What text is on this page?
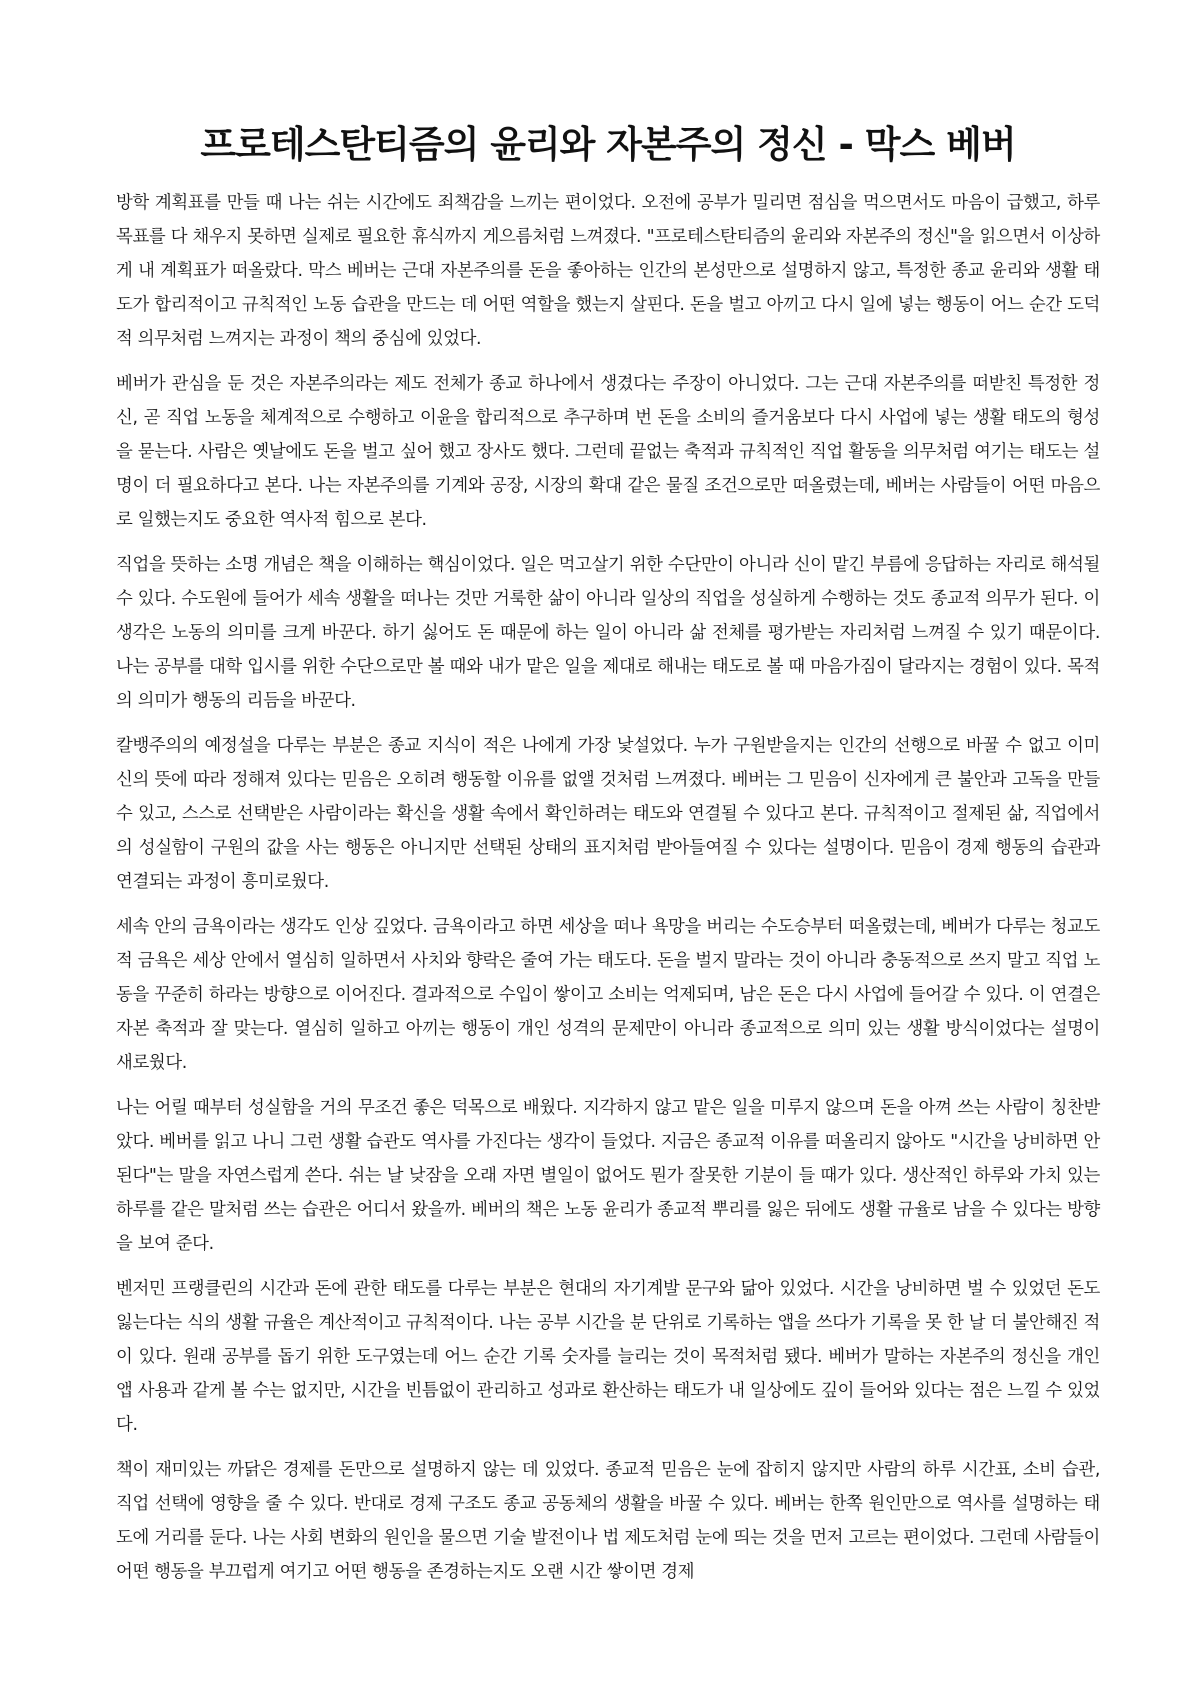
프로테스탄티즘의 윤리와 자본주의 정신 - 막스 베버

방학 계획표를 만들 때 나는 쉬는 시간에도 죄책감을 느끼는 편이었다. 오전에 공부가 밀리면 점심을 먹으면서도 마음이 급했고, 하루 목표를 다 채우지 못하면 실제로 필요한 휴식까지 게으름처럼 느껴졌다. "프로테스탄티즘의 윤리와 자본주의 정신"을 읽으면서 이상하게 내 계획표가 떠올랐다. 막스 베버는 근대 자본주의를 돈을 좋아하는 인간의 본성만으로 설명하지 않고, 특정한 종교 윤리와 생활 태도가 합리적이고 규칙적인 노동 습관을 만드는 데 어떤 역할을 했는지 살핀다. 돈을 벌고 아끼고 다시 일에 넣는 행동이 어느 순간 도덕적 의무처럼 느껴지는 과정이 책의 중심에 있었다.

베버가 관심을 둔 것은 자본주의라는 제도 전체가 종교 하나에서 생겼다는 주장이 아니었다. 그는 근대 자본주의를 떠받친 특정한 정신, 곧 직업 노동을 체계적으로 수행하고 이윤을 합리적으로 추구하며 번 돈을 소비의 즐거움보다 다시 사업에 넣는 생활 태도의 형성을 묻는다. 사람은 옛날에도 돈을 벌고 싶어 했고 장사도 했다. 그런데 끝없는 축적과 규칙적인 직업 활동을 의무처럼 여기는 태도는 설명이 더 필요하다고 본다. 나는 자본주의를 기계와 공장, 시장의 확대 같은 물질 조건으로만 떠올렸는데, 베버는 사람들이 어떤 마음으로 일했는지도 중요한 역사적 힘으로 본다.

직업을 뜻하는 소명 개념은 책을 이해하는 핵심이었다. 일은 먹고살기 위한 수단만이 아니라 신이 맡긴 부름에 응답하는 자리로 해석될 수 있다. 수도원에 들어가 세속 생활을 떠나는 것만 거룩한 삶이 아니라 일상의 직업을 성실하게 수행하는 것도 종교적 의무가 된다. 이 생각은 노동의 의미를 크게 바꾼다. 하기 싫어도 돈 때문에 하는 일이 아니라 삶 전체를 평가받는 자리처럼 느껴질 수 있기 때문이다. 나는 공부를 대학 입시를 위한 수단으로만 볼 때와 내가 맡은 일을 제대로 해내는 태도로 볼 때 마음가짐이 달라지는 경험이 있다. 목적의 의미가 행동의 리듬을 바꾼다.

칼뱅주의의 예정설을 다루는 부분은 종교 지식이 적은 나에게 가장 낯설었다. 누가 구원받을지는 인간의 선행으로 바꿀 수 없고 이미 신의 뜻에 따라 정해져 있다는 믿음은 오히려 행동할 이유를 없앨 것처럼 느껴졌다. 베버는 그 믿음이 신자에게 큰 불안과 고독을 만들 수 있고, 스스로 선택받은 사람이라는 확신을 생활 속에서 확인하려는 태도와 연결될 수 있다고 본다. 규칙적이고 절제된 삶, 직업에서의 성실함이 구원의 값을 사는 행동은 아니지만 선택된 상태의 표지처럼 받아들여질 수 있다는 설명이다. 믿음이 경제 행동의 습관과 연결되는 과정이 흥미로웠다.

세속 안의 금욕이라는 생각도 인상 깊었다. 금욕이라고 하면 세상을 떠나 욕망을 버리는 수도승부터 떠올렸는데, 베버가 다루는 청교도적 금욕은 세상 안에서 열심히 일하면서 사치와 향락은 줄여 가는 태도다. 돈을 벌지 말라는 것이 아니라 충동적으로 쓰지 말고 직업 노동을 꾸준히 하라는 방향으로 이어진다. 결과적으로 수입이 쌓이고 소비는 억제되며, 남은 돈은 다시 사업에 들어갈 수 있다. 이 연결은 자본 축적과 잘 맞는다. 열심히 일하고 아끼는 행동이 개인 성격의 문제만이 아니라 종교적으로 의미 있는 생활 방식이었다는 설명이 새로웠다.

나는 어릴 때부터 성실함을 거의 무조건 좋은 덕목으로 배웠다. 지각하지 않고 맡은 일을 미루지 않으며 돈을 아껴 쓰는 사람이 칭찬받았다. 베버를 읽고 나니 그런 생활 습관도 역사를 가진다는 생각이 들었다. 지금은 종교적 이유를 떠올리지 않아도 "시간을 낭비하면 안 된다"는 말을 자연스럽게 쓴다. 쉬는 날 낮잠을 오래 자면 별일이 없어도 뭔가 잘못한 기분이 들 때가 있다. 생산적인 하루와 가치 있는 하루를 같은 말처럼 쓰는 습관은 어디서 왔을까. 베버의 책은 노동 윤리가 종교적 뿌리를 잃은 뒤에도 생활 규율로 남을 수 있다는 방향을 보여 준다.

벤저민 프랭클린의 시간과 돈에 관한 태도를 다루는 부분은 현대의 자기계발 문구와 닮아 있었다. 시간을 낭비하면 벌 수 있었던 돈도 잃는다는 식의 생활 규율은 계산적이고 규칙적이다. 나는 공부 시간을 분 단위로 기록하는 앱을 쓰다가 기록을 못 한 날 더 불안해진 적이 있다. 원래 공부를 돕기 위한 도구였는데 어느 순간 기록 숫자를 늘리는 것이 목적처럼 됐다. 베버가 말하는 자본주의 정신을 개인 앱 사용과 같게 볼 수는 없지만, 시간을 빈틈없이 관리하고 성과로 환산하는 태도가 내 일상에도 깊이 들어와 있다는 점은 느낄 수 있었다.

책이 재미있는 까닭은 경제를 돈만으로 설명하지 않는 데 있었다. 종교적 믿음은 눈에 잡히지 않지만 사람의 하루 시간표, 소비 습관, 직업 선택에 영향을 줄 수 있다. 반대로 경제 구조도 종교 공동체의 생활을 바꿀 수 있다. 베버는 한쪽 원인만으로 역사를 설명하는 태도에 거리를 둔다. 나는 사회 변화의 원인을 물으면 기술 발전이나 법 제도처럼 눈에 띄는 것을 먼저 고르는 편이었다. 그런데 사람들이 어떤 행동을 부끄럽게 여기고 어떤 행동을 존경하는지도 오랜 시간 쌓이면 경제
